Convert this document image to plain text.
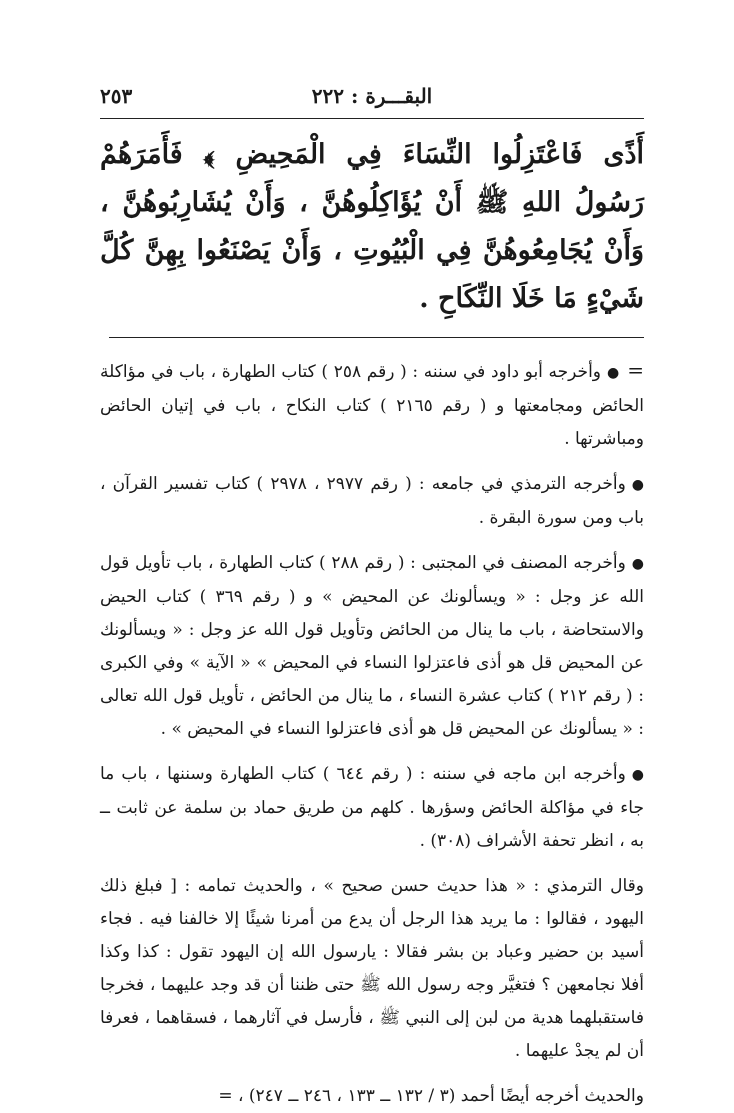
البقـــرة : ٢٢٢
٢٥٣
أَذًى فَاعْتَزِلُوا النِّسَاءَ فِي الْمَحِيضِ ﴾ فَأَمَرَهُمْ رَسُولُ اللهِ ﷺ أَنْ يُؤَاكِلُوهُنَّ ، وَأَنْ يُشَارِبُوهُنَّ ، وَأَنْ يُجَامِعُوهُنَّ فِي الْبُيُوتِ ، وَأَنْ يَصْنَعُوا بِهِنَّ كُلَّ شَيْءٍ مَا خَلَا النِّكَاحِ .

=●وأخرجه أبو داود في سننه : ( رقم ٢٥٨ ) كتاب الطهارة ، باب في مؤاكلة الحائض ومجامعتها و ( رقم ٢١٦٥ ) كتاب النكاح ، باب في إتيان الحائض ومباشرتها .

●وأخرجه الترمذي في جامعه : ( رقم ٢٩٧٧ ، ٢٩٧٨ ) كتاب تفسير القرآن ، باب ومن سورة البقرة .

●وأخرجه المصنف في المجتبى : ( رقم ٢٨٨ ) كتاب الطهارة ، باب تأويل قول الله عز وجل : « ويسألونك عن المحيض » و ( رقم ٣٦٩ ) كتاب الحيض والاستحاضة ، باب ما ينال من الحائض وتأويل قول الله عز وجل : « ويسألونك عن المحيض قل هو أذى فاعتزلوا النساء في المحيض » « الآية » وفي الكبرى : ( رقم ٢١٢ ) كتاب عشرة النساء ، ما ينال من الحائض ، تأويل قول الله تعالى : « يسألونك عن المحيض قل هو أذى فاعتزلوا النساء في المحيض » .

●وأخرجه ابن ماجه في سننه : ( رقم ٦٤٤ ) كتاب الطهارة وسننها ، باب ما جاء في مؤاكلة الحائض وسؤرها . كلهم من طريق حماد بن سلمة عن ثابت ــ به ، انظر تحفة الأشراف (٣٠٨) .

وقال الترمذي : « هذا حديث حسن صحيح » ، والحديث تمامه : [ فبلغ ذلك اليهود ، فقالوا : ما يريد هذا الرجل أن يدع من أمرنا شيئًا إلا خالفنا فيه . فجاء أسيد بن حضير وعباد بن بشر فقالا : يارسول الله إن اليهود تقول : كذا وكذا أفلا نجامعهن ؟ فتغيَّر وجه رسول الله ﷺ حتى ظننا أن قد وجد عليهما ، فخرجا فاستقبلهما هدية من لبن إلى النبي ﷺ ، فأرسل في آثارهما ، فسقاهما ، فعرفا أن لم يجدْ عليهما .

والحديث أخرجه أيضًا أحمد (٣ / ١٣٢ ــ ١٣٣ ، ٢٤٦ ــ ٢٤٧) ، =
